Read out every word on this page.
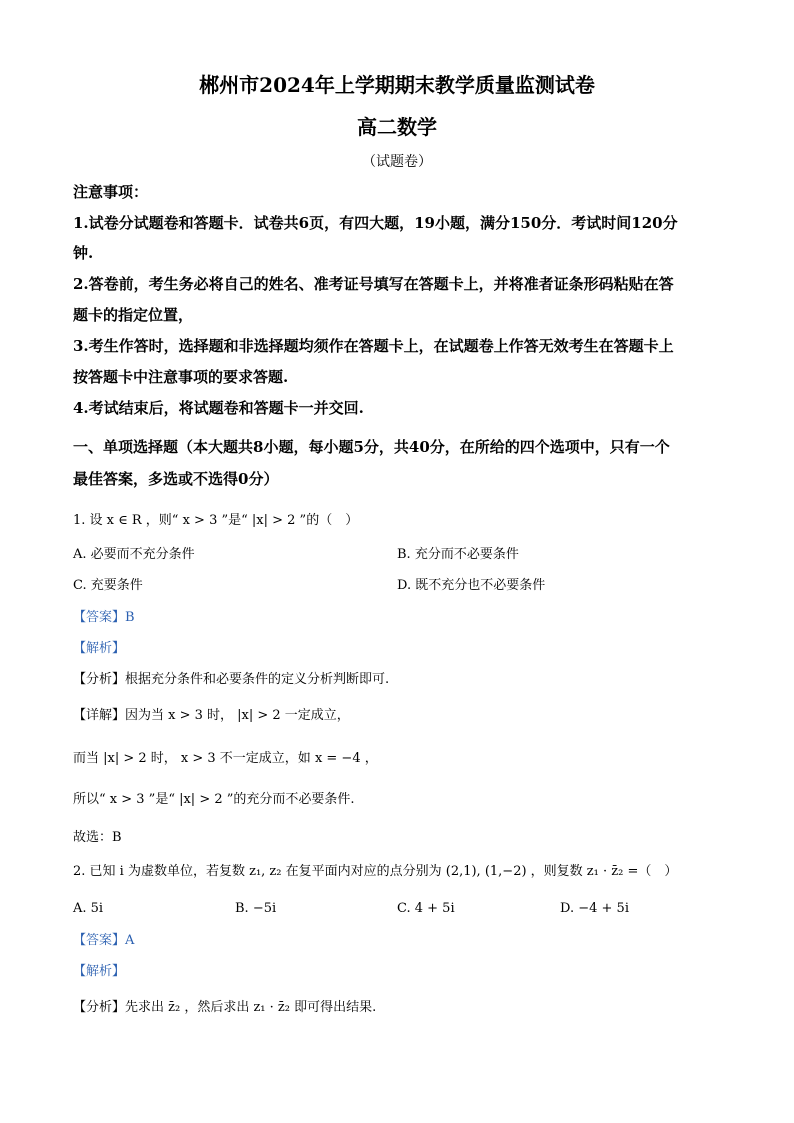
郴州市2024年上学期期末教学质量监测试卷
高二数学
（试题卷）
注意事项：
1.试卷分试题卷和答题卡．试卷共6页，有四大题，19小题，满分150分．考试时间120分
钟.
2.答卷前，考生务必将自己的姓名、准考证号填写在答题卡上，并将准者证条形码粘贴在答
题卡的指定位置，
3.考生作答时，选择题和非选择题均须作在答题卡上，在试题卷上作答无效考生在答题卡上
按答题卡中注意事项的要求答题.
4.考试结束后，将试题卷和答题卡一并交回.
一、单项选择题（本大题共8小题，每小题5分，共40分，在所给的四个选项中，只有一个
最佳答案，多选或不选得0分）
1. 设 x ∈ R ，则“ x > 3 ”是“ |x| > 2 ”的（　）
A. 必要而不充分条件	B. 充分而不必要条件
C. 充要条件	D. 既不充分也不必要条件
【答案】B
【解析】
【分析】根据充分条件和必要条件的定义分析判断即可.
【详解】因为当 x > 3 时， |x| > 2 一定成立，
而当 |x| > 2 时， x > 3 不一定成立，如 x = −4 ，
所以“ x > 3 ”是“ |x| > 2 ”的充分而不必要条件.
故选：B
2. 已知 i 为虚数单位，若复数 z₁, z₂ 在复平面内对应的点分别为 (2,1), (1,−2) ，则复数 z₁ · z̄₂ =（　）
A. 5i	B. −5i	C. 4 + 5i	D. −4 + 5i
【答案】A
【解析】
【分析】先求出 z̄₂ ，然后求出 z₁ · z̄₂ 即可得出结果.
